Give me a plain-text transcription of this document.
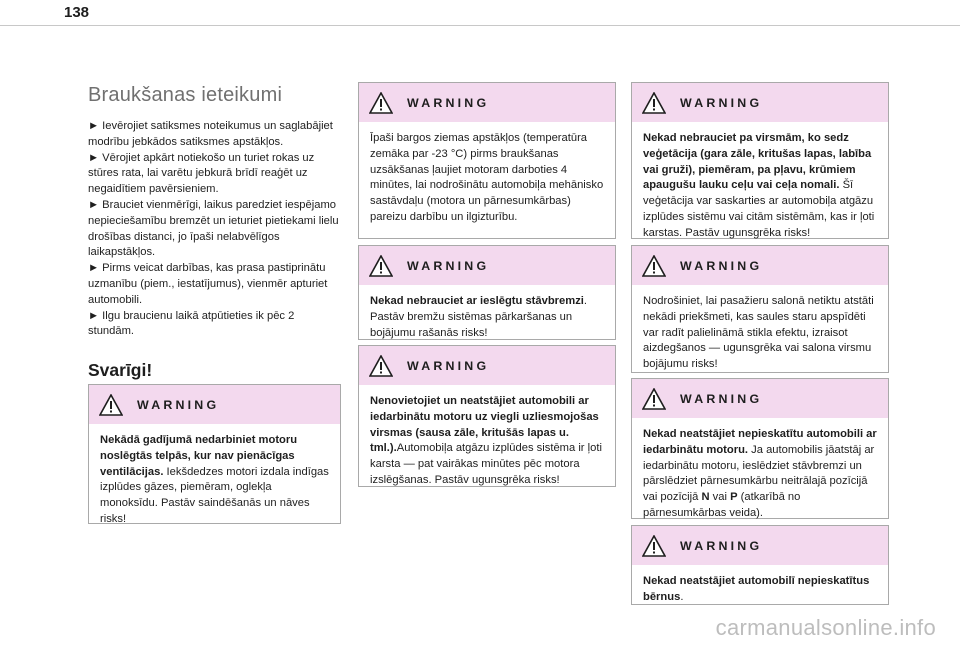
138
Braukšanas ieteikumi

► Ievērojiet satiksmes noteikumus un saglabājiet modrību jebkādos satiksmes apstākļos.

► Vērojiet apkārt notiekošo un turiet rokas uz stūres rata, lai varētu jebkurā brīdī reaģēt uz negaidītiem pavērsieniem.

► Brauciet vienmērīgi, laikus paredziet iespējamo nepieciešamību bremzēt un ieturiet pietiekami lielu drošības distanci, jo īpaši nelabvēlīgos laikapstākļos.

► Pirms veicat darbības, kas prasa pastiprinātu uzmanību (piem., iestatījumus), vienmēr apturiet automobili.

► Ilgu braucienu laikā atpūtieties ik pēc 2 stundām.

Svarīgi!
WARNING
Nekādā gadījumā nedarbiniet motoru noslēgtās telpās, kur nav pienācīgas ventilācijas. Iekšdedzes motori izdala indīgas izplūdes gāzes, piemēram, oglekļa monoksīdu. Pastāv saindēšanās un nāves risks!
WARNING
Īpaši bargos ziemas apstākļos (temperatūra zemāka par -23 °C) pirms braukšanas uzsākšanas ļaujiet motoram darboties 4 minūtes, lai nodrošinātu automobiļa mehānisko sastāvdaļu (motora un pārnesumkārbas) pareizu darbību un ilgizturību.
WARNING
Nekad nebrauciet ar ieslēgtu stāvbremzi. Pastāv bremžu sistēmas pārkaršanas un bojājumu rašanās risks!
WARNING
Nenovietojiet un neatstājiet automobili ar iedarbinātu motoru uz viegli uzliesmojošas virsmas (sausa zāle, kritušās lapas u. tml.).Automobiļa atgāzu izplūdes sistēma ir ļoti karsta — pat vairākas minūtes pēc motora izslēgšanas. Pastāv ugunsgrēka risks!
WARNING
Nekad nebrauciet pa virsmām, ko sedz veģetācija (gara zāle, kritušas lapas, labība vai gruži), piemēram, pa pļavu, krūmiem apaugušu lauku ceļu vai ceļa nomali. Šī veģetācija var saskarties ar automobiļa atgāzu izplūdes sistēmu vai citām sistēmām, kas ir ļoti karstas. Pastāv ugunsgrēka risks!
WARNING
Nodrošiniet, lai pasažieru salonā netiktu atstāti nekādi priekšmeti, kas saules staru apspīdēti var radīt palielināmā stikla efektu, izraisot aizdegšanos — ugunsgrēka vai salona virsmu bojājumu risks!
WARNING
Nekad neatstājiet nepieskatītu automobili ar iedarbinātu motoru. Ja automobilis jāatstāj ar iedarbinātu motoru, ieslēdziet stāvbremzi un pārslēdziet pārnesumkārbu neitrālajā pozīcijā vai pozīcijā N vai P (atkarībā no pārnesumkārbas veida).
WARNING
Nekad neatstājiet automobilī nepieskatītus bērnus.
carmanualsonline.info
